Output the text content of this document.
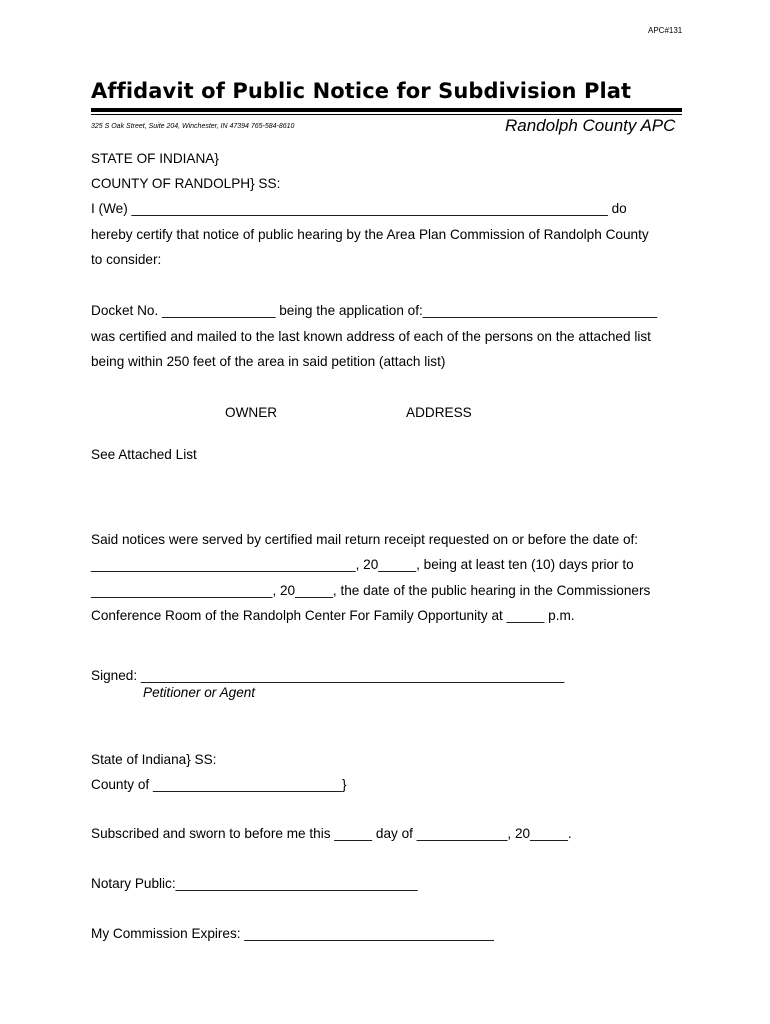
APC#131
Affidavit of Public Notice for Subdivision Plat
325 S Oak Street, Suite 204, Winchester, IN 47394 765-584-8610	Randolph County APC
STATE OF INDIANA}
COUNTY OF RANDOLPH} SS:
I (We) _______________________________________________________________ do
hereby certify that notice of public hearing by the Area Plan Commission of Randolph County
to consider:
Docket No. _______________ being the application of:_______________________________
was certified and mailed to the last known address of each of the persons on the attached list
being within 250 feet of the area in said petition (attach list)
OWNER	ADDRESS
See Attached List
Said notices were served by certified mail return receipt requested on or before the date of:
___________________________________, 20_____, being at least ten (10) days prior to
________________________, 20_____, the date of the public hearing in the Commissioners
Conference Room of the Randolph Center For Family Opportunity at _____ p.m.
Signed: ________________________________________________________
Petitioner or Agent
State of Indiana} SS:
County of _________________________}
Subscribed and sworn to before me this _____ day of ____________, 20_____.
Notary Public:________________________________
My Commission Expires: _________________________________
